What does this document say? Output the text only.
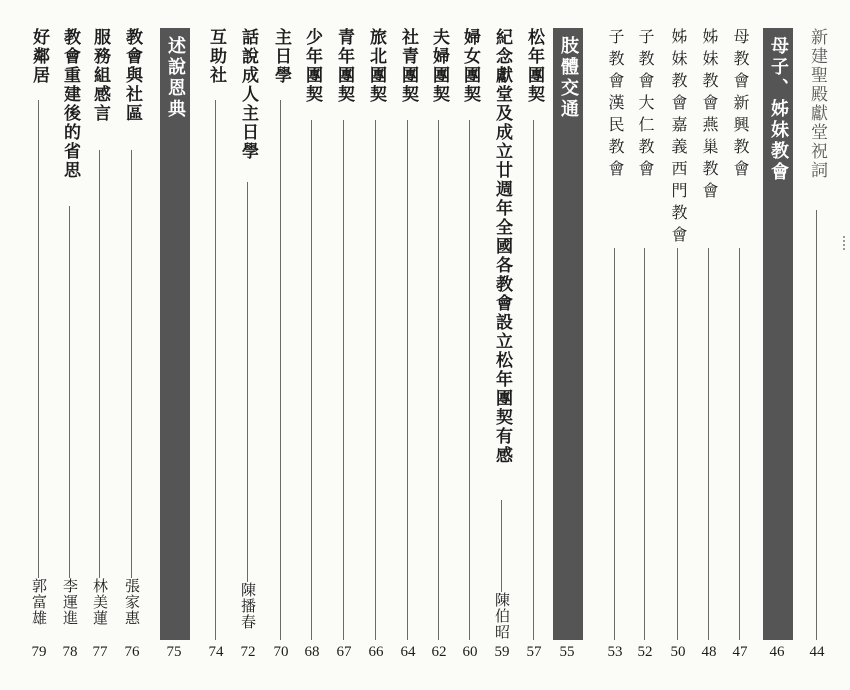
新建聖殿獻堂祝詞
44
母子、姊妹教會
46
母教會新興教會
47
姊妹教會燕巢教會
48
姊妹教會嘉義西門教會
50
子教會大仁教會
52
子教會漢民教會
53
肢體交通
55
松年團契
57
紀念獻堂及成立廿週年全國各教會設立松年團契有感
陳伯昭
59
婦女團契
60
夫婦團契
62
社青團契
64
旅北團契
66
青年團契
67
少年團契
68
主日學
70
話說成人主日學
陳播春
72
互助社
74
述說恩典
75
教會與社區
張家惠
76
服務組感言
林美蓮
77
教會重建後的省思
李運進
78
好鄰居
郭富雄
79
